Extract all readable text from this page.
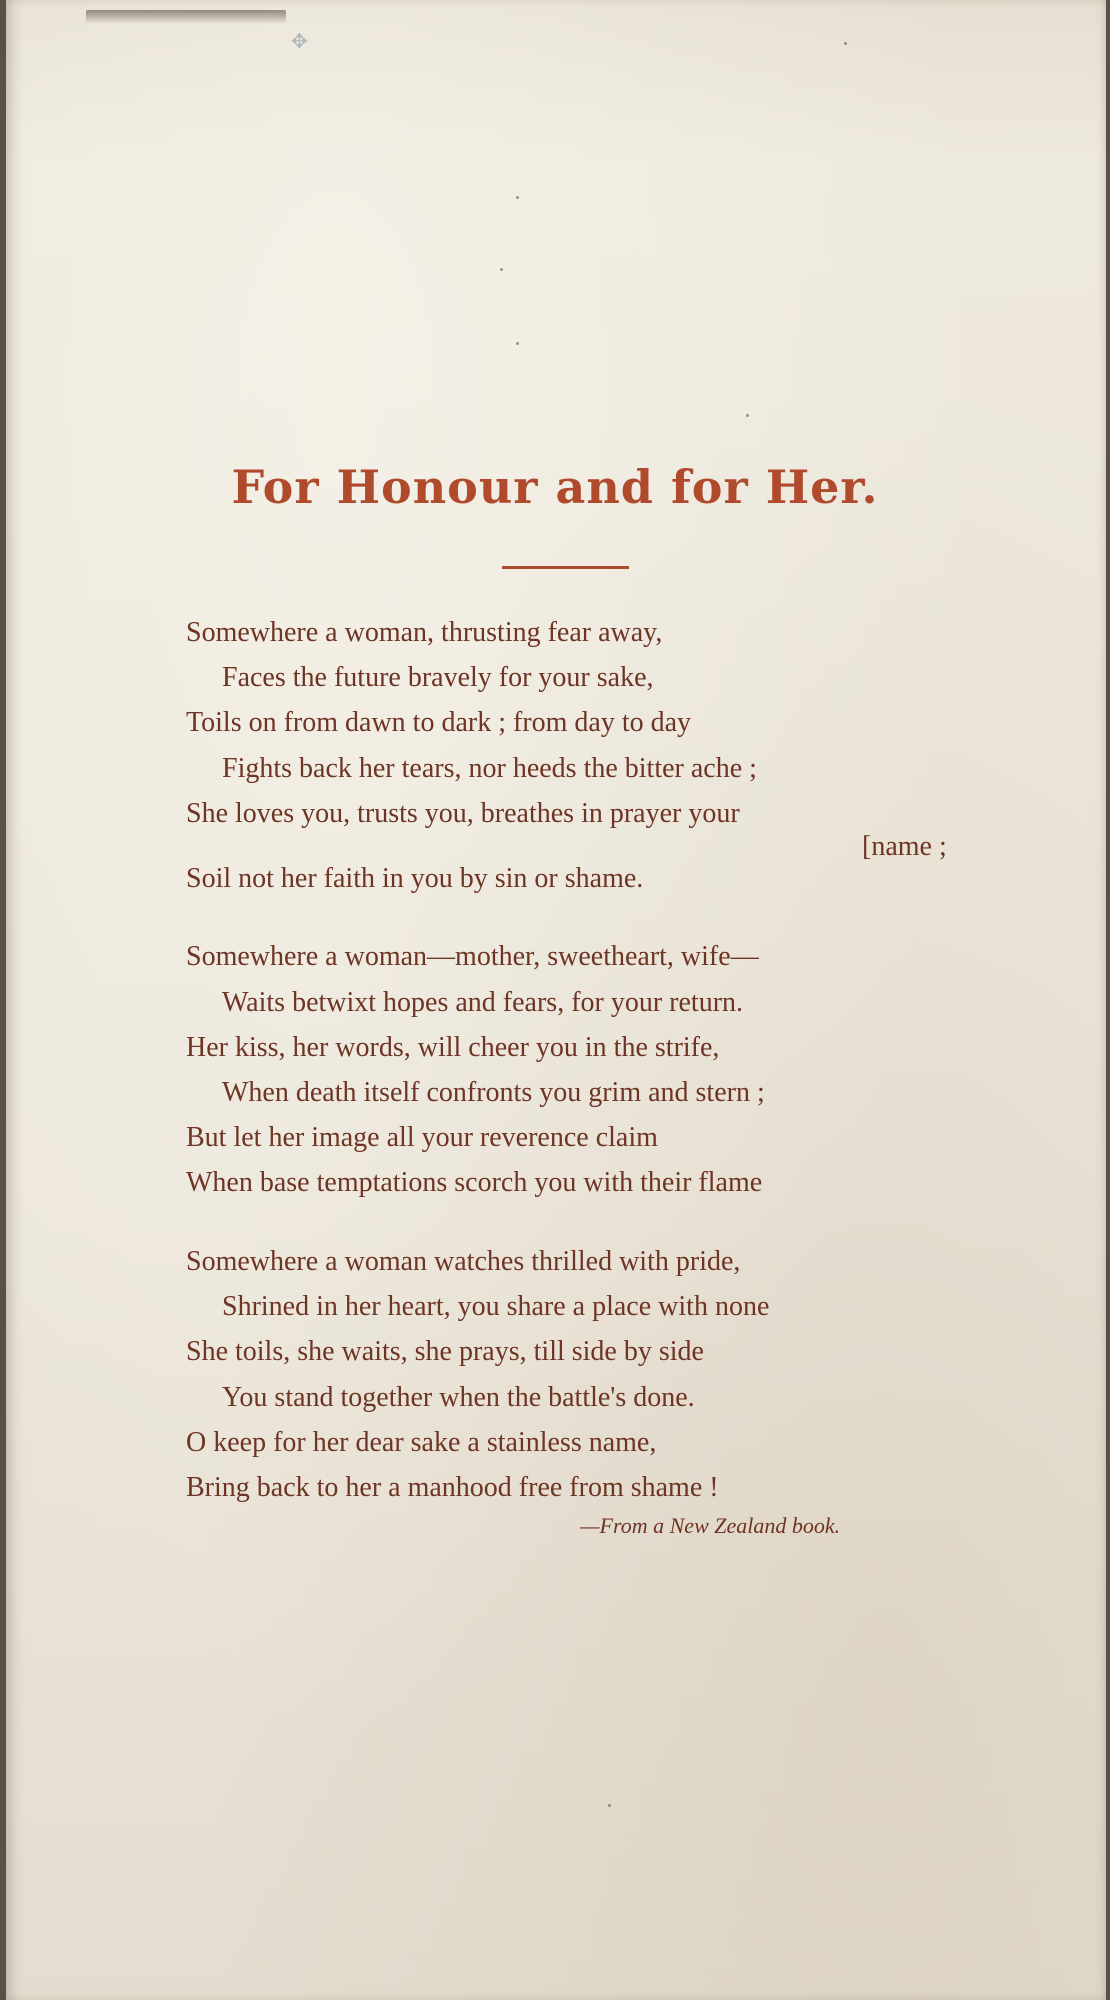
✥
For Honour and for Her.
Somewhere a woman, thrusting fear away,
Faces the future bravely for your sake,
Toils on from dawn to dark ; from day to day
Fights back her tears, nor heeds the bitter ache ;
She loves you, trusts you, breathes in prayer your
[name ;
Soil not her faith in you by sin or shame.
Somewhere a woman—mother, sweetheart, wife—
Waits betwixt hopes and fears, for your return.
Her kiss, her words, will cheer you in the strife,
When death itself confronts you grim and stern ;
But let her image all your reverence claim
When base temptations scorch you with their flame
Somewhere a woman watches thrilled with pride,
Shrined in her heart, you share a place with none
She toils, she waits, she prays, till side by side
You stand together when the battle's done.
O keep for her dear sake a stainless name,
Bring back to her a manhood free from shame !
—From a New Zealand book.
